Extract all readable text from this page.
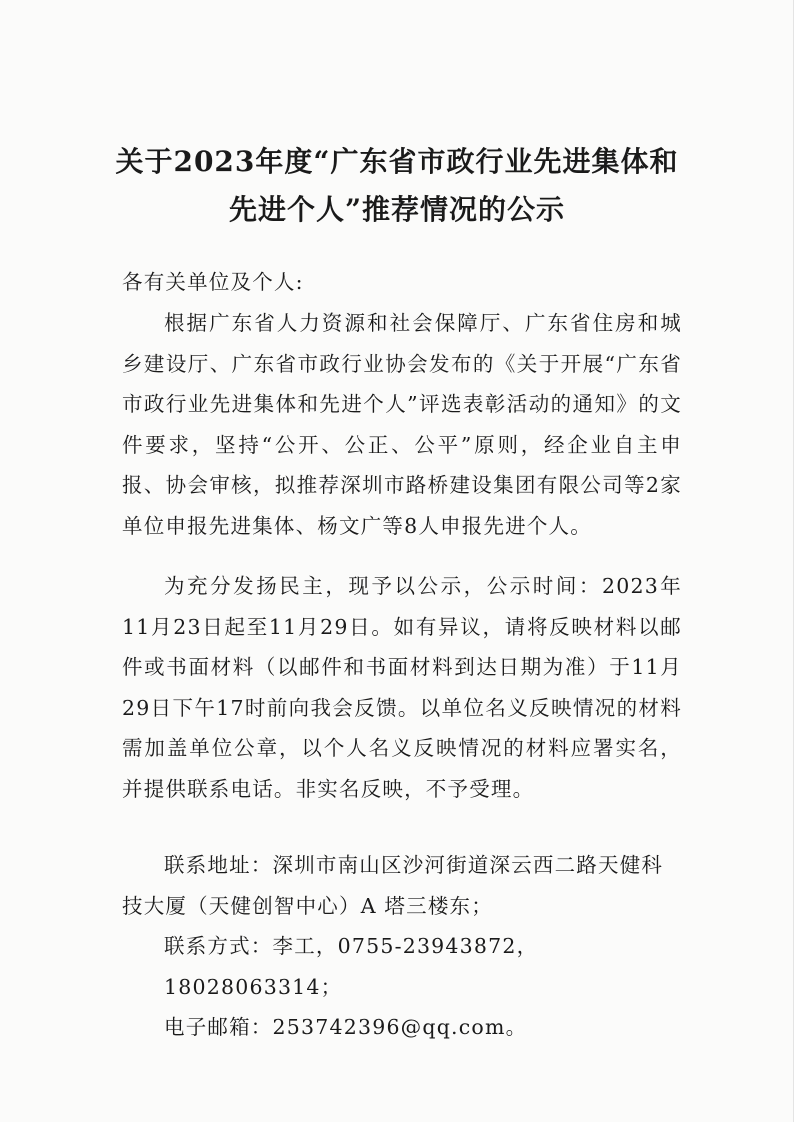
关于2023年度“广东省市政行业先进集体和
先进个人”推荐情况的公示
各有关单位及个人:
根据广东省人力资源和社会保障厅、广东省住房和城乡建设厅、广东省市政行业协会发布的《关于开展“广东省市政行业先进集体和先进个人”评选表彰活动的通知》的文件要求，坚持“公开、公正、公平”原则，经企业自主申报、协会审核，拟推荐深圳市路桥建设集团有限公司等2家单位申报先进集体、杨文广等8人申报先进个人。
为充分发扬民主，现予以公示，公示时间：2023年11月23日起至11月29日。如有异议，请将反映材料以邮件或书面材料（以邮件和书面材料到达日期为准）于11月29日下午17时前向我会反馈。以单位名义反映情况的材料需加盖单位公章，以个人名义反映情况的材料应署实名，并提供联系电话。非实名反映，不予受理。
联系地址：深圳市南山区沙河街道深云西二路天健科
技大厦（天健创智中心）A 塔三楼东；
联系方式：李工，0755-23943872，18028063314；
电子邮箱：253742396@qq.com。
